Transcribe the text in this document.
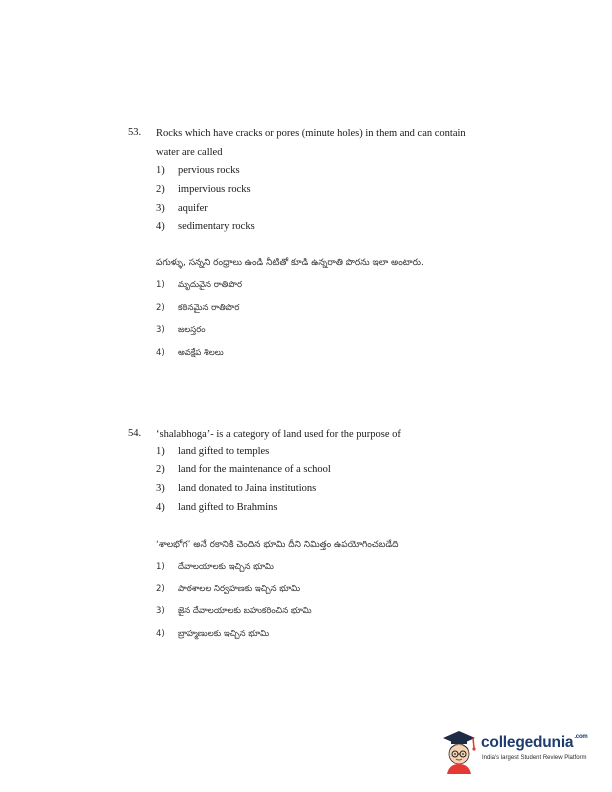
53. Rocks which have cracks or pores (minute holes) in them and can contain
water are called
1) pervious rocks
2) impervious rocks
3) aquifer
4) sedimentary rocks
పగుళ్ళు, సన్నని రంధ్రాలు ఉండి నీటితో కూడి ఉన్నరాతి పొరను ఇలా అంటారు.
1) మృదువైన రాతిపొర
2) కఠినమైన రాతిపొర
3) జలస్తరం
4) అవక్షేప శిలలు
54. ‘shalabhoga’- is a category of land used for the purpose of
1) land gifted to temples
2) land for the maintenance of a school
3) land donated to Jaina institutions
4) land gifted to Brahmins
‘శాలభోగ’ అనే రకానికి చెందిన భూమి దీని నిమిత్తం ఉపయోగించబడేది
1) దేవాలయాలకు ఇచ్చిన భూమి
2) పాఠశాలల నిర్వహణకు ఇచ్చిన భూమి
3) జైన దేవాలయాలకు బహుకరించిన భూమి
4) బ్రాహ్మణులకు ఇచ్చిన భూమి
collegedunia$^{.com}$
India's largest Student Review Platform
